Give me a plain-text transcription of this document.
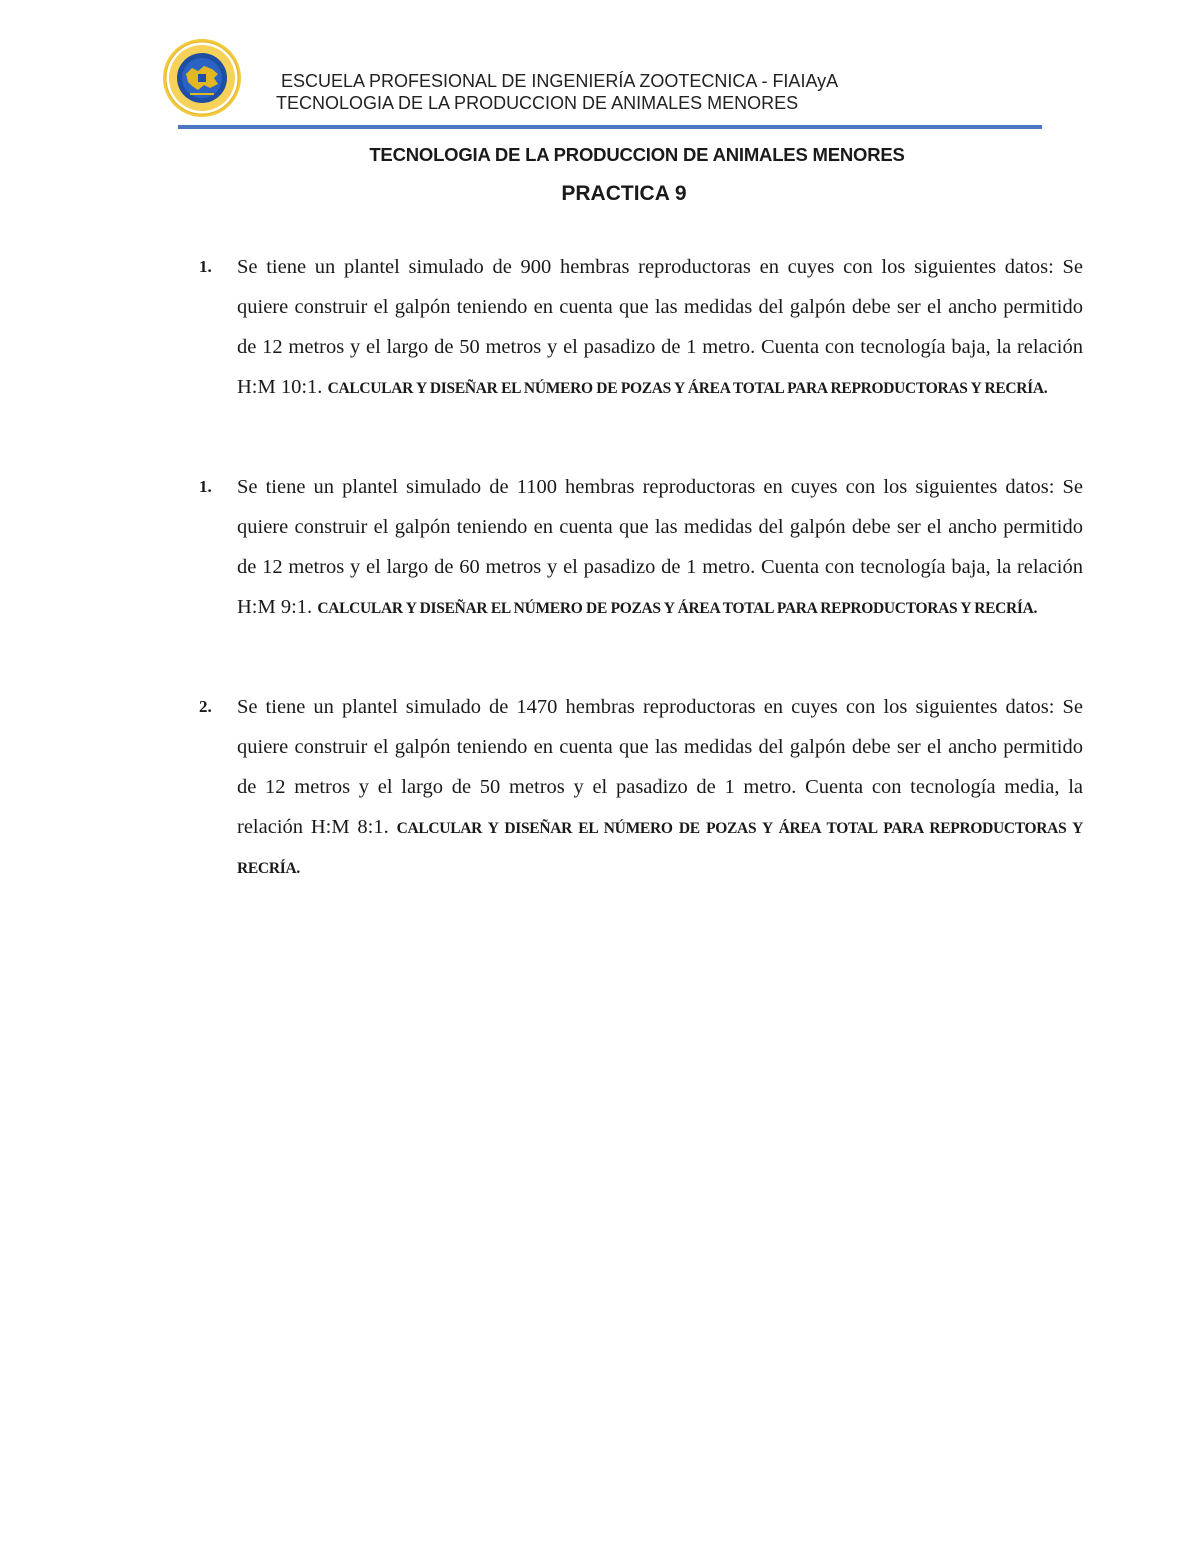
ESCUELA PROFESIONAL DE INGENIERÍA ZOOTECNICA - FIAIAyA
TECNOLOGIA DE LA PRODUCCION DE ANIMALES MENORES
TECNOLOGIA DE LA PRODUCCION DE ANIMALES MENORES
PRACTICA 9
1. Se tiene un plantel simulado de 900 hembras reproductoras en cuyes con los siguientes datos: Se quiere construir el galpón teniendo en cuenta que las medidas del galpón debe ser el ancho permitido de 12 metros y el largo de 50 metros y el pasadizo de 1 metro. Cuenta con tecnología baja, la relación H:M 10:1. CALCULAR Y DISEÑAR EL NÚMERO DE POZAS Y ÁREA TOTAL PARA REPRODUCTORAS Y RECRÍA.
1. Se tiene un plantel simulado de 1100 hembras reproductoras en cuyes con los siguientes datos: Se quiere construir el galpón teniendo en cuenta que las medidas del galpón debe ser el ancho permitido de 12 metros y el largo de 60 metros y el pasadizo de 1 metro. Cuenta con tecnología baja, la relación H:M 9:1. CALCULAR Y DISEÑAR EL NÚMERO DE POZAS Y ÁREA TOTAL PARA REPRODUCTORAS Y RECRÍA.
2. Se tiene un plantel simulado de 1470 hembras reproductoras en cuyes con los siguientes datos: Se quiere construir el galpón teniendo en cuenta que las medidas del galpón debe ser el ancho permitido de 12 metros y el largo de 50 metros y el pasadizo de 1 metro. Cuenta con tecnología media, la relación H:M 8:1. CALCULAR Y DISEÑAR EL NÚMERO DE POZAS Y ÁREA TOTAL PARA REPRODUCTORAS Y RECRÍA.
